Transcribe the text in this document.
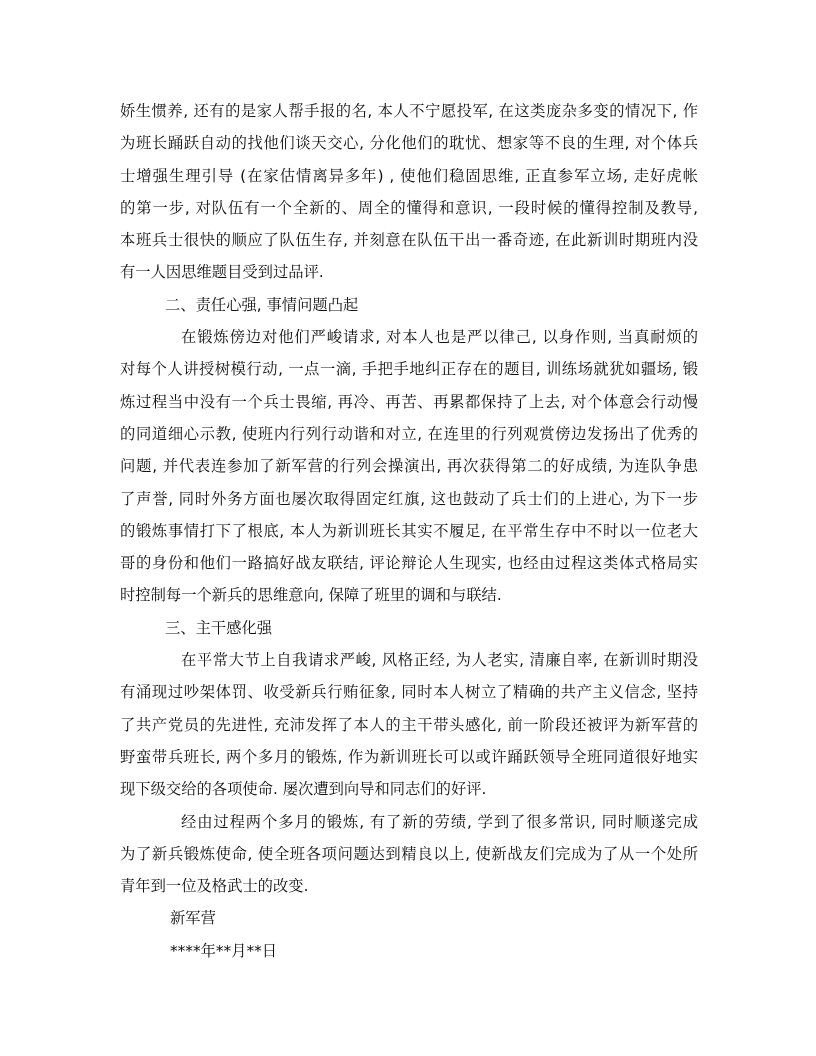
娇生惯养, 还有的是家人帮手报的名, 本人不宁愿投军, 在这类庞杂多变的情况下, 作
为班长踊跃自动的找他们谈天交心, 分化他们的耽忧、想家等不良的生理, 对个体兵
士增强生理引导 (在家估情离异多年) , 使他们稳固思维, 正直参军立场, 走好虎帐
的第一步, 对队伍有一个全新的、周全的懂得和意识, 一段时候的懂得控制及教导,
本班兵士很快的顺应了队伍生存, 并刻意在队伍干出一番奇迹, 在此新训时期班内没
有一人因思维题目受到过品评.
二、责任心强, 事情问题凸起
在锻炼傍边对他们严峻请求, 对本人也是严以律己, 以身作则, 当真耐烦的
对每个人讲授树模行动, 一点一滴, 手把手地纠正存在的题目, 训练场就犹如疆场, 锻
炼过程当中没有一个兵士畏缩, 再冷、再苦、再累都保持了上去, 对个体意会行动慢
的同道细心示教, 使班内行列行动谐和对立, 在连里的行列观赏傍边发扬出了优秀的
问题, 并代表连参加了新军营的行列会操演出, 再次获得第二的好成绩, 为连队争患
了声誉, 同时外务方面也屡次取得固定红旗, 这也鼓动了兵士们的上进心, 为下一步
的锻炼事情打下了根底, 本人为新训班长其实不履足, 在平常生存中不时以一位老大
哥的身份和他们一路搞好战友联结, 评论辩论人生现实, 也经由过程这类体式格局实
时控制每一个新兵的思维意向, 保障了班里的调和与联结.
三、主干感化强
在平常大节上自我请求严峻, 风格正经, 为人老实, 清廉自率, 在新训时期没
有涌现过吵架体罚、收受新兵行贿征象, 同时本人树立了精确的共产主义信念, 坚持
了共产党员的先进性, 充沛发挥了本人的主干带头感化, 前一阶段还被评为新军营的
野蛮带兵班长, 两个多月的锻炼, 作为新训班长可以或许踊跃领导全班同道很好地实
现下级交给的各项使命. 屡次遭到向导和同志们的好评.
经由过程两个多月的锻炼, 有了新的劳绩, 学到了很多常识, 同时顺遂完成
为了新兵锻炼使命, 使全班各项问题达到精良以上, 使新战友们完成为了从一个处所
青年到一位及格武士的改变.
新军营
****年**月**日
